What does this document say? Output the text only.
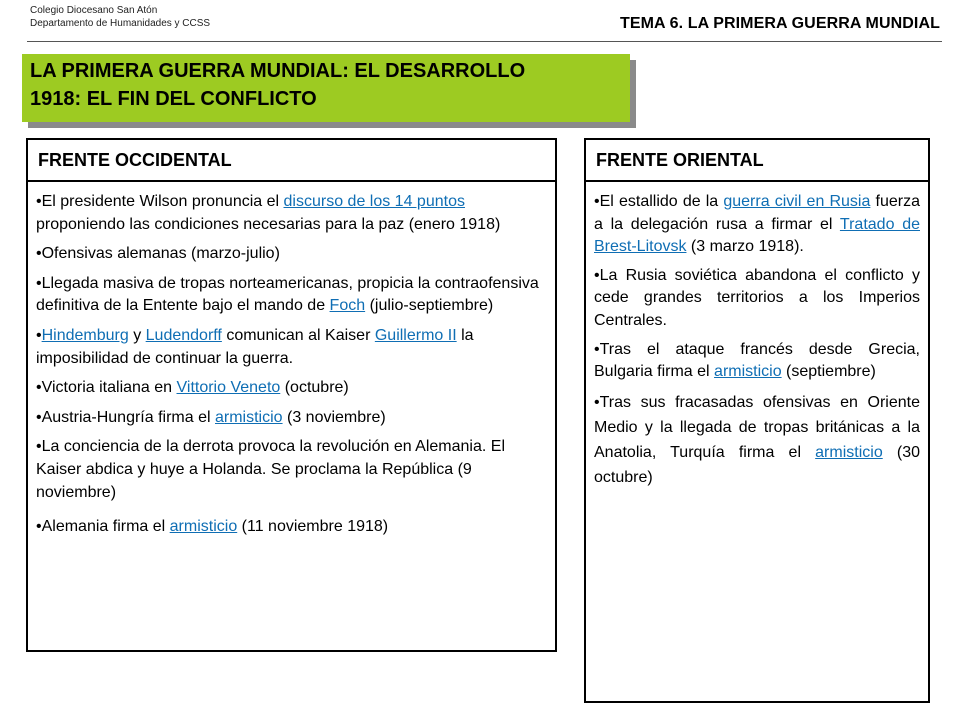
Colegio Diocesano San Atón
Departamento de Humanidades y CCSS	TEMA 6. LA PRIMERA GUERRA MUNDIAL
LA PRIMERA GUERRA MUNDIAL: EL DESARROLLO
1918: EL FIN DEL CONFLICTO
FRENTE OCCIDENTAL
•El presidente Wilson pronuncia el discurso de los 14 puntos proponiendo las condiciones necesarias para la paz (enero 1918)
•Ofensivas alemanas (marzo-julio)
•Llegada masiva de tropas norteamericanas, propicia la contraofensiva definitiva de la Entente bajo el mando de Foch (julio-septiembre)
•Hindemburg y Ludendorff comunican al Kaiser Guillermo II la imposibilidad de continuar la guerra.
•Victoria italiana en Vittorio Veneto (octubre)
•Austria-Hungría firma el armisticio (3 noviembre)
•La conciencia de la derrota provoca la revolución en Alemania. El Kaiser abdica y huye a Holanda. Se proclama la República (9 noviembre)
•Alemania firma el armisticio (11 noviembre 1918)
FRENTE ORIENTAL
•El estallido de la guerra civil en Rusia fuerza a la delegación rusa a firmar el Tratado de Brest-Litovsk (3 marzo 1918).
•La Rusia soviética abandona el conflicto y cede grandes territorios a los Imperios Centrales.
•Tras el ataque francés desde Grecia, Bulgaria firma el armisticio (septiembre)
•Tras sus fracasadas ofensivas en Oriente Medio y la llegada de tropas británicas a la Anatolia, Turquía firma el armisticio (30 octubre)
